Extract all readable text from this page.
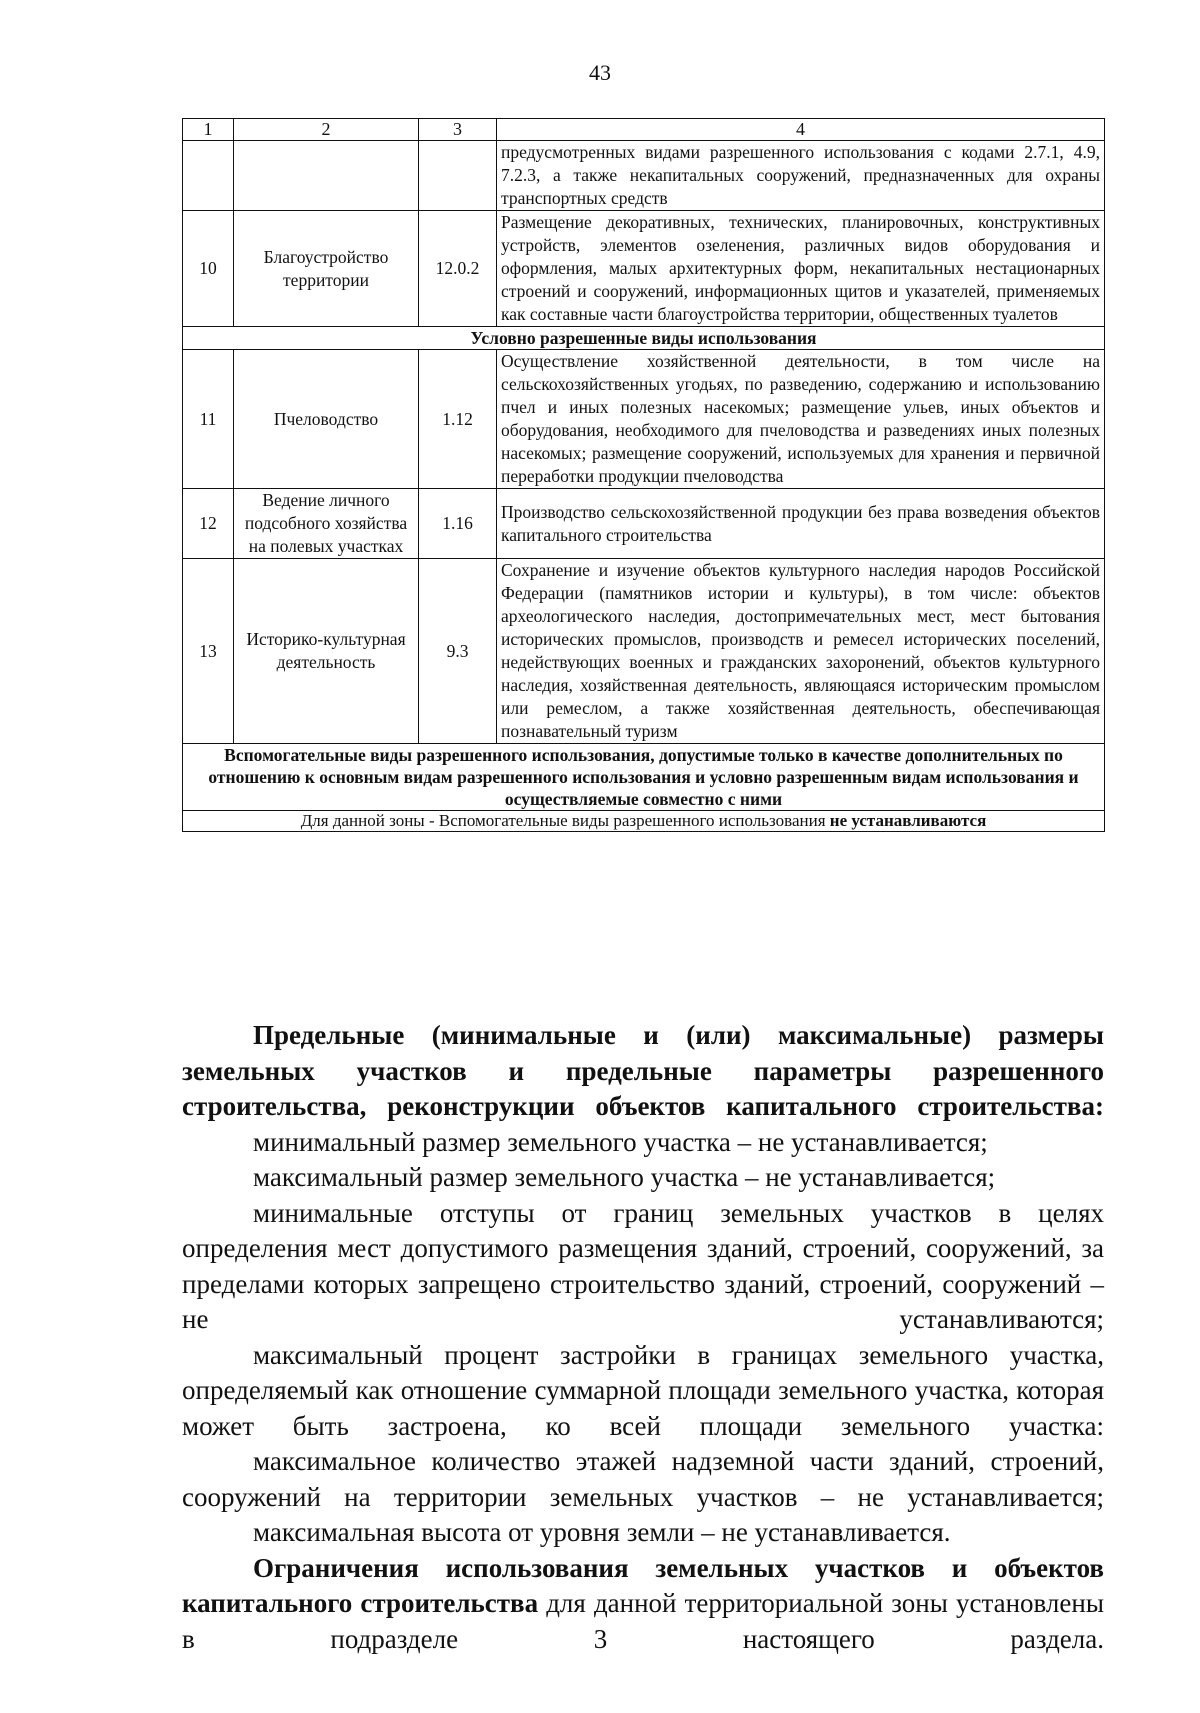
43
1	2	3	4
			предусмотренных видами разрешенного использования с кодами 2.7.1, 4.9, 7.2.3, а также некапитальных сооружений, предназначенных для охраны транспортных средств
10	Благоустройство территории	12.0.2	Размещение декоративных, технических, планировочных, конструктивных устройств, элементов озеленения, различных видов оборудования и оформления, малых архитектурных форм, некапитальных нестационарных строений и сооружений, информационных щитов и указателей, применяемых как составные части благоустройства территории, общественных туалетов
Условно разрешенные виды использования			
11	Пчеловодство	1.12	Осуществление хозяйственной деятельности, в том числе на сельскохозяйственных угодьях, по разведению, содержанию и использованию пчел и иных полезных насекомых; размещение ульев, иных объектов и оборудования, необходимого для пчеловодства и разведениях иных полезных насекомых; размещение сооружений, используемых для хранения и первичной переработки продукции пчеловодства
12	Ведение личного подсобного хозяйства на полевых участках	1.16	Производство сельскохозяйственной продукции без права возведения объектов капитального строительства
13	Историко-культурная деятельность	9.3	Сохранение и изучение объектов культурного наследия народов Российской Федерации (памятников истории и культуры), в том числе: объектов археологического наследия, достопримечательных мест, мест бытования исторических промыслов, производств и ремесел исторических поселений, недействующих военных и гражданских захоронений, объектов культурного наследия, хозяйственная деятельность, являющаяся историческим промыслом или ремеслом, а также хозяйственная деятельность, обеспечивающая познавательный туризм
Вспомогательные виды разрешенного использования, допустимые только в качестве дополнительных по отношению к основным видам разрешенного использования и условно разрешенным видам использования и осуществляемые совместно с ними			
Для данной зоны - Вспомогательные виды разрешенного использования не устанавливаются			

Предельные (минимальные и (или) максимальные) размеры земельных участков и предельные параметры разрешенного строительства, реконструкции объектов капитального строительства:

минимальный размер земельного участка – не устанавливается;

максимальный размер земельного участка – не устанавливается;

минимальные отступы от границ земельных участков в целях определения мест допустимого размещения зданий, строений, сооружений, за пределами которых запрещено строительство зданий, строений, сооружений – не устанавливаются;

максимальный процент застройки в границах земельного участка, определяемый как отношение суммарной площади земельного участка, которая может быть застроена, ко всей площади земельного участка:

максимальное количество этажей надземной части зданий, строений, сооружений на территории земельных участков – не устанавливается;

максимальная высота от уровня земли – не устанавливается.

Ограничения использования земельных участков и объектов капитального строительства для данной территориальной зоны установлены в подразделе 3 настоящего раздела.
